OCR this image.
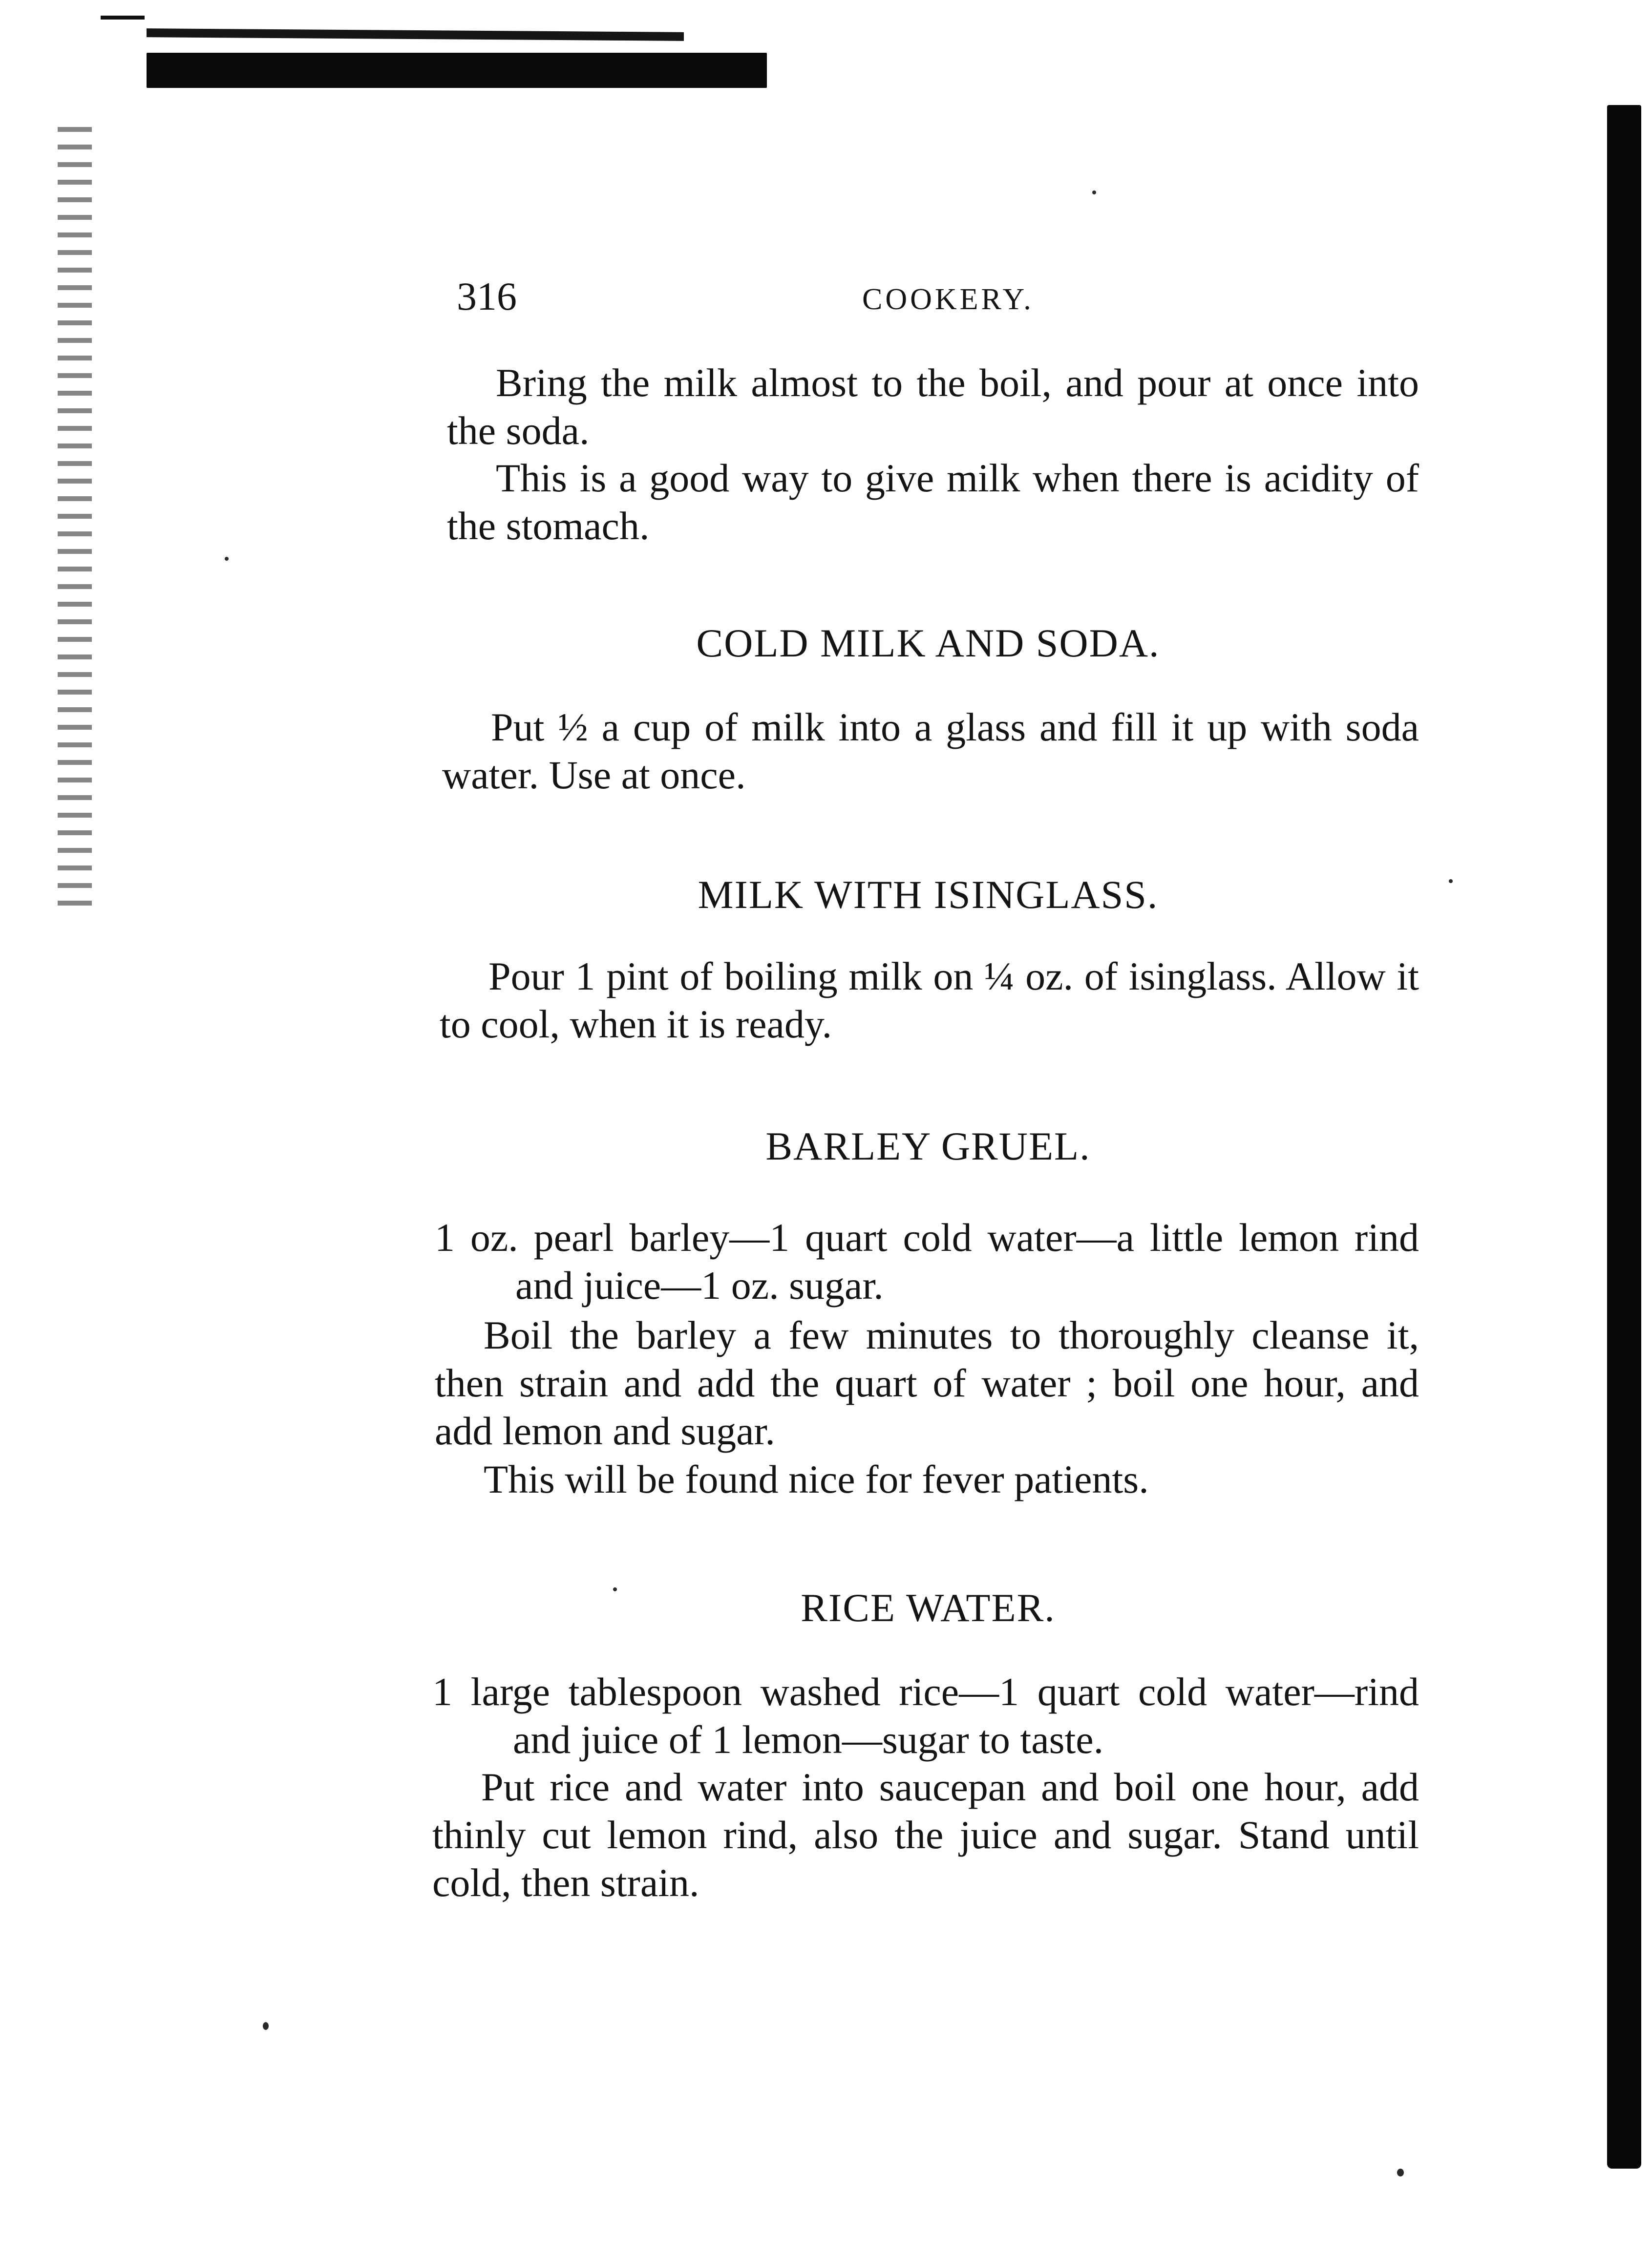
316	COOKERY.

Bring the milk almost to the boil, and pour at once into the soda.

This is a good way to give milk when there is acidity of the stomach.

COLD MILK AND SODA.

Put ½ a cup of milk into a glass and fill it up with soda water. Use at once.

MILK WITH ISINGLASS.

Pour 1 pint of boiling milk on ¼ oz. of isinglass. Allow it to cool, when it is ready.

BARLEY GRUEL.

1 oz. pearl barley—1 quart cold water—a little lemon rind and juice—1 oz. sugar.

Boil the barley a few minutes to thoroughly cleanse it, then strain and add the quart of water ; boil one hour, and add lemon and sugar.

This will be found nice for fever patients.

RICE WATER.

1 large tablespoon washed rice—1 quart cold water—rind and juice of 1 lemon—sugar to taste.

Put rice and water into saucepan and boil one hour, add thinly cut lemon rind, also the juice and sugar. Stand until cold, then strain.
